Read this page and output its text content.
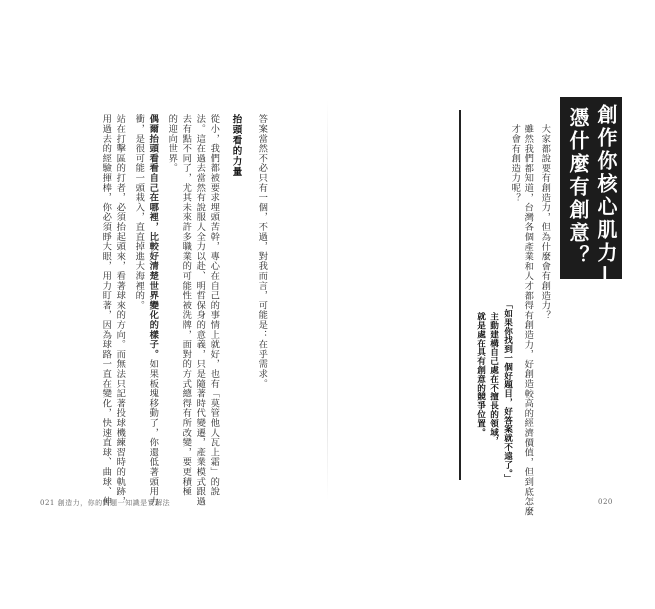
創作你核心肌力——
憑什麼有創意？
大家都說要有創造力，但為什麼會有創造力？
雖然我們都知道，台灣各個產業和人才都得有創造力，好創造較高的經濟價值，但到底怎麼
才會有創造力呢？
「如果你找到一個好題目，好答案就不遠了。」
主動建構自己處在不擅長的領域，
就是處在具有創意的競爭位置。
020
答案當然不必只有一個，不過，對我而言，可能是：在乎需求。
抬頭看的力量
從小，我們都被要求埋頭苦幹，專心在自己的事情上就好，也有「莫管他人瓦上霜」的說
法。這在過去當然有說服人全力以赴、明哲保身的意義，只是隨著時代變遷，產業模式跟過
去有點不同了，尤其未來許多職業的可能性被洗牌，面對的方式總得有所改變，要更積極
的迎向世界。
偶爾抬頭看看自己在哪裡，比較好清楚世界變化的樣子。如果板塊移動了，你還低著頭用力
衝，是很可能一頭栽入，直直掉進大海裡的。
站在打擊區的打者，必須抬起頭來，看著球來的方向。而無法只記著投球機練習時的軌跡，
用過去的經驗揮棒，你必須睜大眼，用力盯著，因為球路一直在變化，快速直球、曲球、伸
021 創造力，你的問題一知識是實解法
